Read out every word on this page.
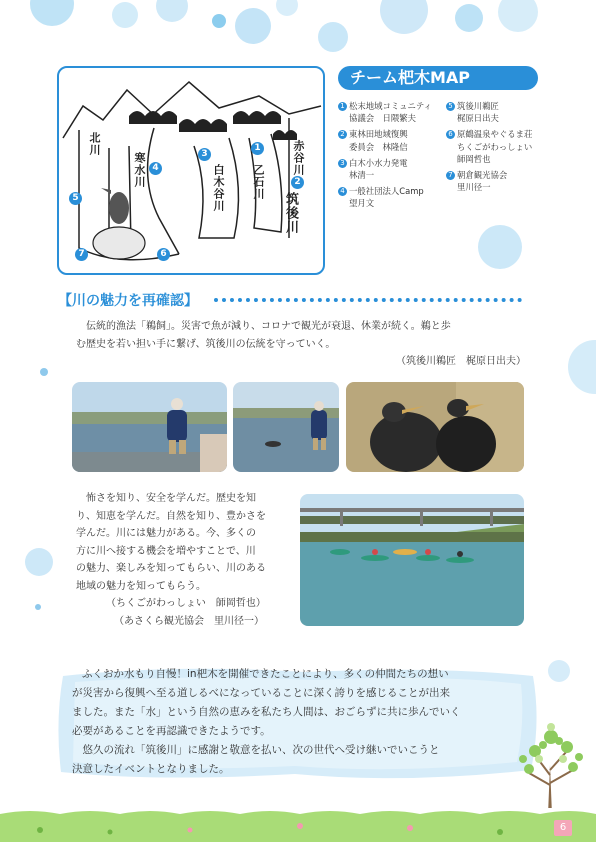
赤谷川
乙石川
白木谷川
北川
寒水川
筑後川
1
2
3
4
5
6
7
チーム杷木MAP
1 松末地域コミュニティ
協議会　日隈繁夫
2 東林田地域復興
委員会　林隆信
3 白木小水力発電
林清一
4 一般社団法人Camp
望月文
5 筑後川鵜匠
梶原日出夫
6 原鶴温泉やぐるま荘
ちくごがわっしょい
師岡哲也
7 朝倉観光協会
里川径一
【川の魅力を再確認】
伝統的漁法「鵜飼」。災害で魚が減り、コロナで観光が衰退、休業が続く。鵜と歩
む歴史を若い担い手に繋げ、筑後川の伝統を守っていく。
（筑後川鵜匠　梶原日出夫）
怖さを知り、安全を学んだ。歴史を知
り、知恵を学んだ。自然を知り、豊かさを
学んだ。川には魅力がある。今、多くの
方に川へ接する機会を増やすことで、川
の魅力、楽しみを知ってもらい、川のある
地域の魅力を知ってもらう。
（ちくごがわっしょい　師岡哲也）
（あさくら観光協会　里川径一）
ふくおか水もり自慢！in杷木を開催できたことにより、多くの仲間たちの想い
が災害から復興へ至る道しるべになっていることに深く誇りを感じることが出来
ました。また「水」という自然の恵みを私たち人間は、おごらずに共に歩んでいく
必要があることを再認識できたようです。
　悠久の流れ「筑後川」に感謝と敬意を払い、次の世代へ受け継いでいこうと
決意したイベントとなりました。
6
